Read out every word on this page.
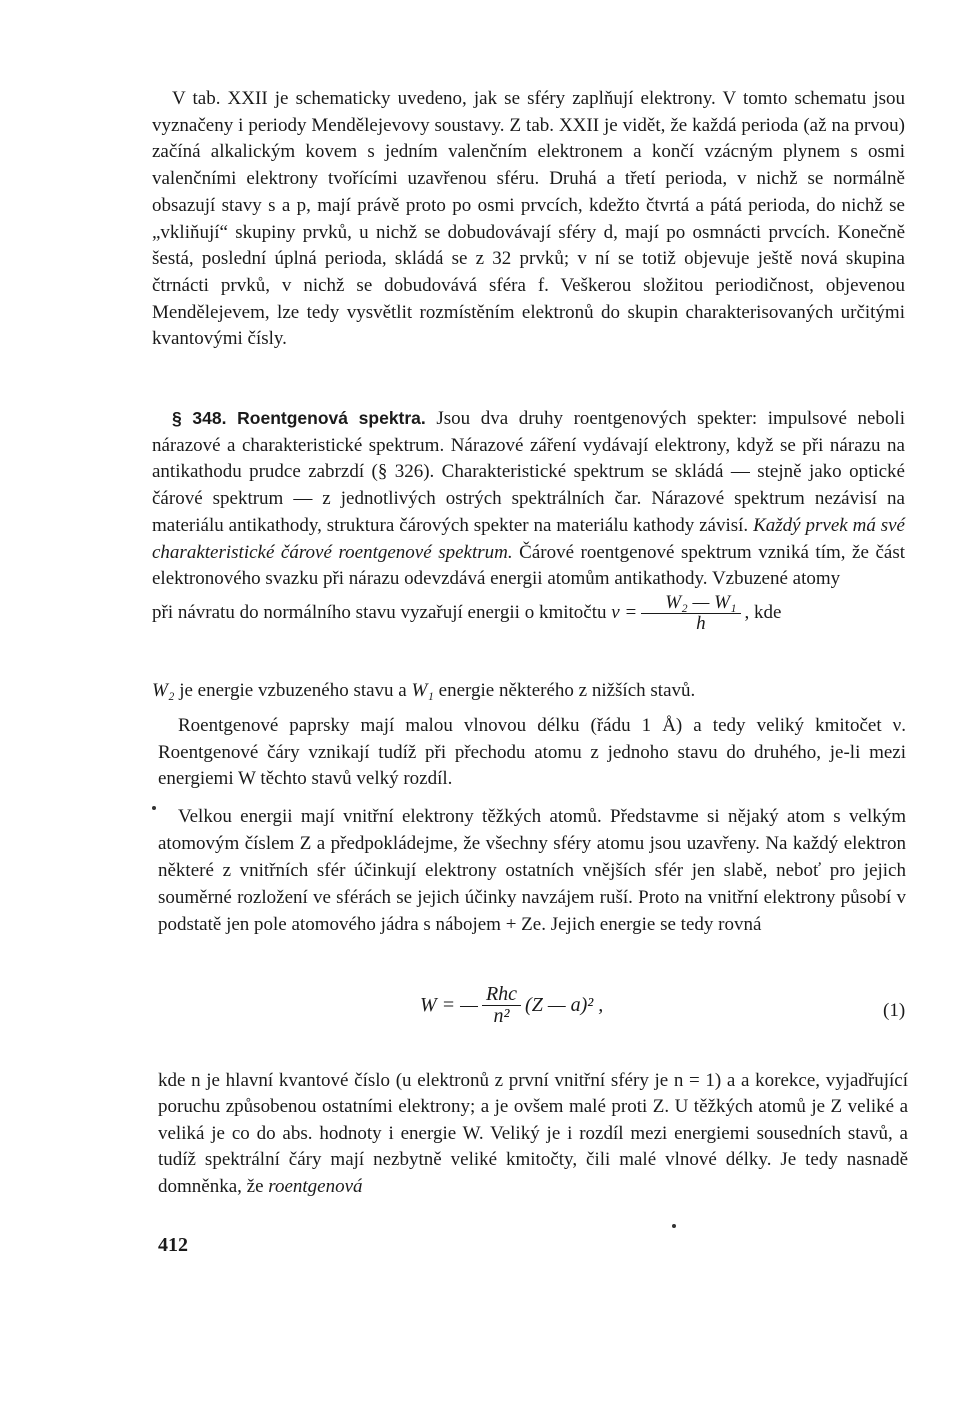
V tab. XXII je schematicky uvedeno, jak se sféry zaplňují elektrony. V tomto schematu jsou vyznačeny i periody Mendělejevovy soustavy. Z tab. XXII je vidět, že každá perioda (až na prvou) začíná alkalickým kovem s jedním valenčním elektronem a končí vzácným plynem s osmi valenčními elektrony tvořícími uzavřenou sféru. Druhá a třetí perioda, v nichž se normálně obsazují stavy s a p, mají právě proto po osmi prvcích, kdežto čtvrtá a pátá perioda, do nichž se „vkliňují“ skupiny prvků, u nichž se dobudovávají sféry d, mají po osmnácti prvcích. Konečně šestá, poslední úplná perioda, skládá se z 32 prvků; v ní se totiž objevuje ještě nová skupina čtrnácti prvků, v nichž se dobudovává sféra f. Veškerou složitou periodičnost, objevenou Mendělejevem, lze tedy vysvětlit rozmístěním elektronů do skupin charakterisovaných určitými kvantovými čísly.

§ 348. Roentgenová spektra. Jsou dva druhy roentgenových spekter: impulsové neboli nárazové a charakteristické spektrum. Nárazové záření vydávají elektrony, když se při nárazu na antikathodu prudce zabrzdí (§ 326). Charakteristické spektrum se skládá — stejně jako optické čárové spektrum — z jednotlivých ostrých spektrálních čar. Nárazové spektrum nezávisí na materiálu antikathody, struktura čárových spekter na materiálu kathody závisí. Každý prvek má své charakteristické čárové roentgenové spektrum. Čárové roentgenové spektrum vzniká tím, že část elektronového svazku při nárazu odevzdává energii atomům antikathody. Vzbuzené atomy
při návratu do normálního stavu vyzařují energii o kmitočtu $\nu = \frac{\text{W₂ — W₁}}{h}$ , kde

W₂ je energie vzbuzeného stavu a W₁ energie některého z nižších stavů.

Roentgenové paprsky mají malou vlnovou délku (řádu 1 Å) a tedy veliký kmitočet ν. Roentgenové čáry vznikají tudíž při přechodu atomu z jednoho stavu do druhého, je-li mezi energiemi W těchto stavů velký rozdíl.

Velkou energii mají vnitřní elektrony těžkých atomů. Představme si nějaký atom s velkým atomovým číslem Z a předpokládejme, že všechny sféry atomu jsou uzavřeny. Na každý elektron některé z vnitřních sfér účinkují elektrony ostatních vnějších sfér jen slabě, neboť pro jejich souměrné rozložení ve sférách se jejich účinky navzájem ruší. Proto na vnitřní elektrony působí v podstatě jen pole atomového jádra s nábojem + Ze. Jejich energie se tedy rovná

W = — $\frac{\text{Rhc}}{\text{n²}} (Z$ — a)² ,	(1)

kde n je hlavní kvantové číslo (u elektronů z první vnitřní sféry je n = 1) a a korekce, vyjadřující poruchu způsobenou ostatními elektrony; a je ovšem malé proti Z. U těžkých atomů je Z veliké a veliká je co do abs. hodnoty i energie W. Veliký je i rozdíl mezi energiemi sousedních stavů, a tudíž spektrální čáry mají nezbytně veliké kmitočty, čili malé vlnové délky. Je tedy nasnadě domněnka, že roentgenová

412
